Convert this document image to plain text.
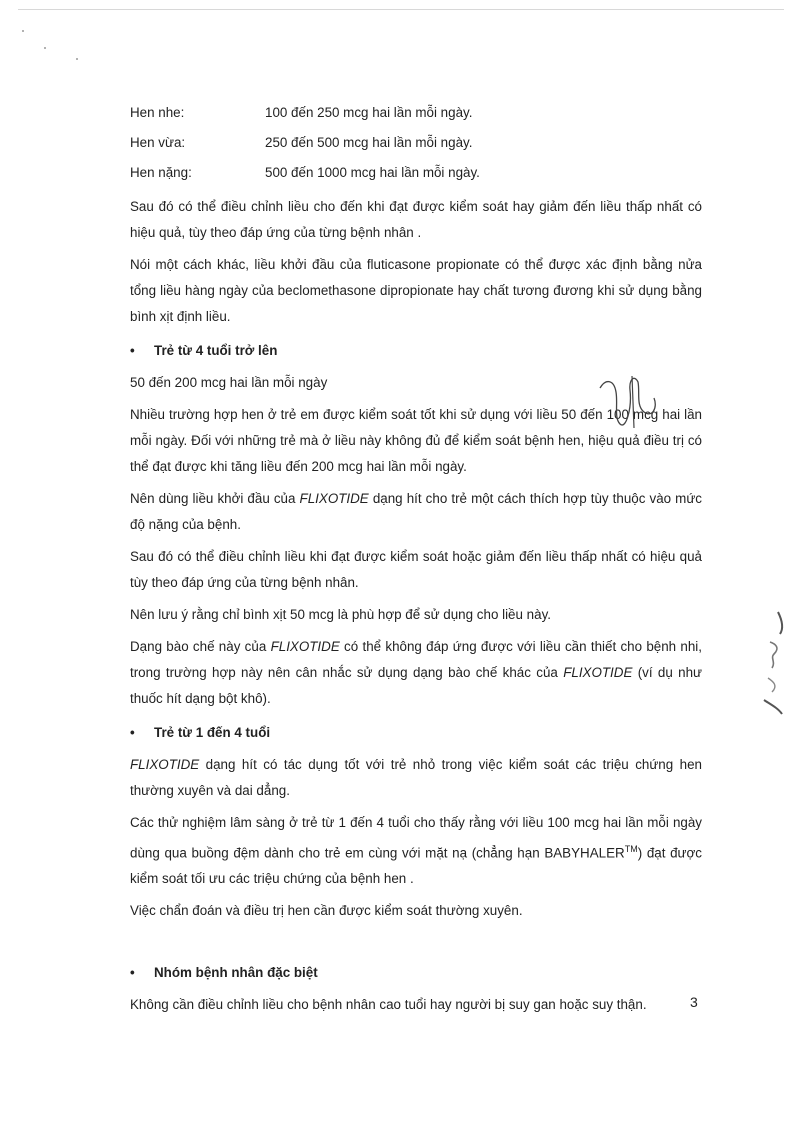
Hen nhe:	100 đến 250 mcg hai lần mỗi ngày.
Hen vừa:	250 đến 500 mcg hai lần mỗi ngày.
Hen nặng:	500 đến 1000 mcg hai lần mỗi ngày.

Sau đó có thể điều chỉnh liều cho đến khi đạt được kiểm soát hay giảm đến liều thấp nhất có hiệu quả, tùy theo đáp ứng của từng bệnh nhân .

Nói một cách khác, liều khởi đầu của fluticasone propionate có thể được xác định bằng nửa tổng liều hàng ngày của beclomethasone dipropionate hay chất tương đương khi sử dụng bằng bình xịt định liều.

•	Trẻ từ 4 tuổi trở lên

50 đến 200 mcg hai lần mỗi ngày

Nhiều trường hợp hen ở trẻ em được kiểm soát tốt khi sử dụng với liều 50 đến 100 mcg hai lần mỗi ngày. Đối với những trẻ mà ở liều này không đủ để kiểm soát bệnh hen, hiệu quả điều trị có thể đạt được khi tăng liều đến 200 mcg hai lần mỗi ngày.

Nên dùng liều khởi đầu của FLIXOTIDE dạng hít cho trẻ một cách thích hợp tùy thuộc vào mức độ nặng của bệnh.

Sau đó có thể điều chỉnh liều khi đạt được kiểm soát hoặc giảm đến liều thấp nhất có hiệu quả tùy theo đáp ứng của từng bệnh nhân.

Nên lưu ý rằng chỉ bình xịt 50 mcg là phù hợp để sử dụng cho liều này.

Dạng bào chế này của FLIXOTIDE có thể không đáp ứng được với liều cần thiết cho bệnh nhi, trong trường hợp này nên cân nhắc sử dụng dạng bào chế khác của FLIXOTIDE (ví dụ như thuốc hít dạng bột khô).

•	Trẻ từ 1 đến 4 tuổi

FLIXOTIDE dạng hít có tác dụng tốt với trẻ nhỏ trong việc kiểm soát các triệu chứng hen thường xuyên và dai dẳng.

Các thử nghiệm lâm sàng ở trẻ từ 1 đến 4 tuổi cho thấy rằng với liều 100 mcg hai lần mỗi ngày dùng qua buồng đệm dành cho trẻ em cùng với mặt nạ (chẳng hạn BABYHALER™) đạt được kiểm soát tối ưu các triệu chứng của bệnh hen .

Việc chẩn đoán và điều trị hen cần được kiểm soát thường xuyên.

•	Nhóm bệnh nhân đặc biệt

Không cần điều chỉnh liều cho bệnh nhân cao tuổi hay người bị suy gan hoặc suy thận.	3
